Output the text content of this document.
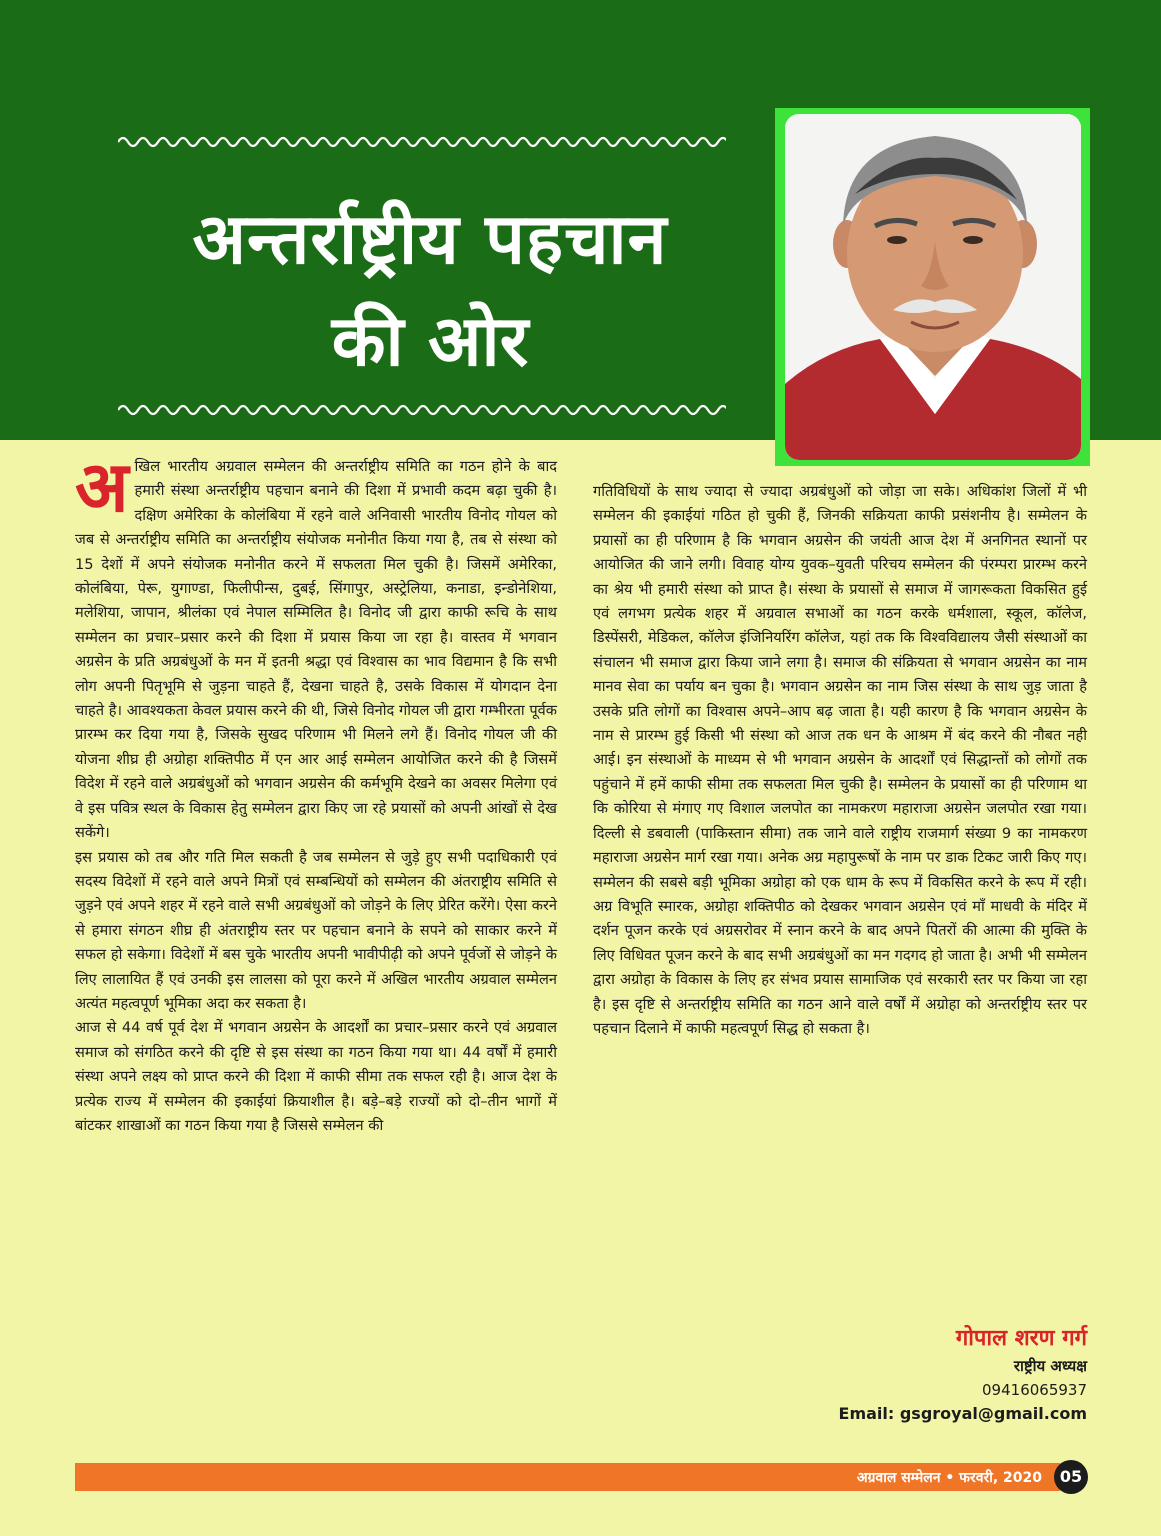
अन्तर्राष्ट्रीय पहचान
की ओर
अ खिल भारतीय अग्रवाल सम्मेलन की अन्तर्राष्ट्रीय समिति का गठन होने के बाद हमारी संस्था अन्तर्राष्ट्रीय पहचान बनाने की दिशा में प्रभावी कदम बढ़ा चुकी है। दक्षिण अमेरिका के कोलंबिया में रहने वाले अनिवासी भारतीय विनोद गोयल को जब से अन्तर्राष्ट्रीय समिति का अन्तर्राष्ट्रीय संयोजक मनोनीत किया गया है, तब से संस्था को 15 देशों में अपने संयोजक मनोनीत करने में सफलता मिल चुकी है। जिसमें अमेरिका, कोलंबिया, पेरू, युगाण्डा, फिलीपीन्स, दुबई, सिंगापुर, अस्ट्रेलिया, कनाडा, इन्डोनेशिया, मलेशिया, जापान, श्रीलंका एवं नेपाल सम्मिलित है। विनोद जी द्वारा काफी रूचि के साथ सम्मेलन का प्रचार–प्रसार करने की दिशा में प्रयास किया जा रहा है। वास्तव में भगवान अग्रसेन के प्रति अग्रबंधुओं के मन में इतनी श्रद्धा एवं विश्वास का भाव विद्यमान है कि सभी लोग अपनी पितृभूमि से जुड़ना चाहते हैं, देखना चाहते है, उसके विकास में योगदान देना चाहते है। आवश्यकता केवल प्रयास करने की थी, जिसे विनोद गोयल जी द्वारा गम्भीरता पूर्वक प्रारम्भ कर दिया गया है, जिसके सुखद परिणाम भी मिलने लगे हैं। विनोद गोयल जी की योजना शीघ्र ही अग्रोहा शक्तिपीठ में एन आर आई सम्मेलन आयोजित करने की है जिसमें विदेश में रहने वाले अग्रबंधुओं को भगवान अग्रसेन की कर्मभूमि देखने का अवसर मिलेगा एवं वे इस पवित्र स्थल के विकास हेतु सम्मेलन द्वारा किए जा रहे प्रयासों को अपनी आंखों से देख सकेंगे।

इस प्रयास को तब और गति मिल सकती है जब सम्मेलन से जुड़े हुए सभी पदाधिकारी एवं सदस्य विदेशों में रहने वाले अपने मित्रों एवं सम्बन्धियों को सम्मेलन की अंतराष्ट्रीय समिति से जुड़ने एवं अपने शहर में रहने वाले सभी अग्रबंधुओं को जोड़ने के लिए प्रेरित करेंगे। ऐसा करने से हमारा संगठन शीघ्र ही अंतराष्ट्रीय स्तर पर पहचान बनाने के सपने को साकार करने में सफल हो सकेगा। विदेशों में बस चुके भारतीय अपनी भावीपीढ़ी को अपने पूर्वजों से जोड़ने के लिए लालायित हैं एवं उनकी इस लालसा को पूरा करने में अखिल भारतीय अग्रवाल सम्मेलन अत्यंत महत्वपूर्ण भूमिका अदा कर सकता है।

आज से 44 वर्ष पूर्व देश में भगवान अग्रसेन के आदर्शों का प्रचार–प्रसार करने एवं अग्रवाल समाज को संगठित करने की दृष्टि से इस संस्था का गठन किया गया था। 44 वर्षों में हमारी संस्था अपने लक्ष्य को प्राप्त करने की दिशा में काफी सीमा तक सफल रही है। आज देश के प्रत्येक राज्य में सम्मेलन की इकाईयां क्रियाशील है। बड़े–बड़े राज्यों को दो–तीन भागों में बांटकर शाखाओं का गठन किया गया है जिससे सम्मेलन की

गतिविधियों के साथ ज्यादा से ज्यादा अग्रबंधुओं को जोड़ा जा सके। अधिकांश जिलों में भी सम्मेलन की इकाईयां गठित हो चुकी हैं, जिनकी सक्रियता काफी प्रसंशनीय है। सम्मेलन के प्रयासों का ही परिणाम है कि भगवान अग्रसेन की जयंती आज देश में अनगिनत स्थानों पर आयोजित की जाने लगी। विवाह योग्य युवक–युवती परिचय सम्मेलन की पंरम्परा प्रारम्भ करने का श्रेय भी हमारी संस्था को प्राप्त है। संस्था के प्रयासों से समाज में जागरूकता विकसित हुई एवं लगभग प्रत्येक शहर में अग्रवाल सभाओं का गठन करके धर्मशाला, स्कूल, कॉलेज, डिस्पेंसरी, मेडिकल, कॉलेज इंजिनियरिंग कॉलेज, यहां तक कि विश्वविद्यालय जैसी संस्थाओं का संचालन भी समाज द्वारा किया जाने लगा है। समाज की संक्रियता से भगवान अग्रसेन का नाम मानव सेवा का पर्याय बन चुका है। भगवान अग्रसेन का नाम जिस संस्था के साथ जुड़ जाता है उसके प्रति लोगों का विश्वास अपने–आप बढ़ जाता है। यही कारण है कि भगवान अग्रसेन के नाम से प्रारम्भ हुई किसी भी संस्था को आज तक धन के आश्रम में बंद करने की नौबत नही आई। इन संस्थाओं के माध्यम से भी भगवान अग्रसेन के आदर्शों एवं सिद्धान्तों को लोगों तक पहुंचाने में हमें काफी सीमा तक सफलता मिल चुकी है। सम्मेलन के प्रयासों का ही परिणाम था कि कोरिया से मंगाए गए विशाल जलपोत का नामकरण महाराजा अग्रसेन जलपोत रखा गया। दिल्ली से डबवाली (पाकिस्तान सीमा) तक जाने वाले राष्ट्रीय राजमार्ग संख्या 9 का नामकरण महाराजा अग्रसेन मार्ग रखा गया। अनेक अग्र महापुरूषों के नाम पर डाक टिकट जारी किए गए। सम्मेलन की सबसे बड़ी भूमिका अग्रोहा को एक धाम के रूप में विकसित करने के रूप में रही। अग्र विभूति स्मारक, अग्रोहा शक्तिपीठ को देखकर भगवान अग्रसेन एवं माँ माधवी के मंदिर में दर्शन पूजन करके एवं अग्रसरोवर में स्नान करने के बाद अपने पितरों की आत्मा की मुक्ति के लिए विधिवत पूजन करने के बाद सभी अग्रबंधुओं का मन गदगद हो जाता है। अभी भी सम्मेलन द्वारा अग्रोहा के विकास के लिए हर संभव प्रयास सामाजिक एवं सरकारी स्तर पर किया जा रहा है। इस दृष्टि से अन्तर्राष्ट्रीय समिति का गठन आने वाले वर्षों में अग्रोहा को अन्तर्राष्ट्रीय स्तर पर पहचान दिलाने में काफी महत्वपूर्ण सिद्ध हो सकता है।

गोपाल शरण गर्ग
राष्ट्रीय अध्यक्ष
09416065937
Email: gsgroyal@gmail.com
अग्रवाल सम्मेलन • फरवरी, 2020	05
